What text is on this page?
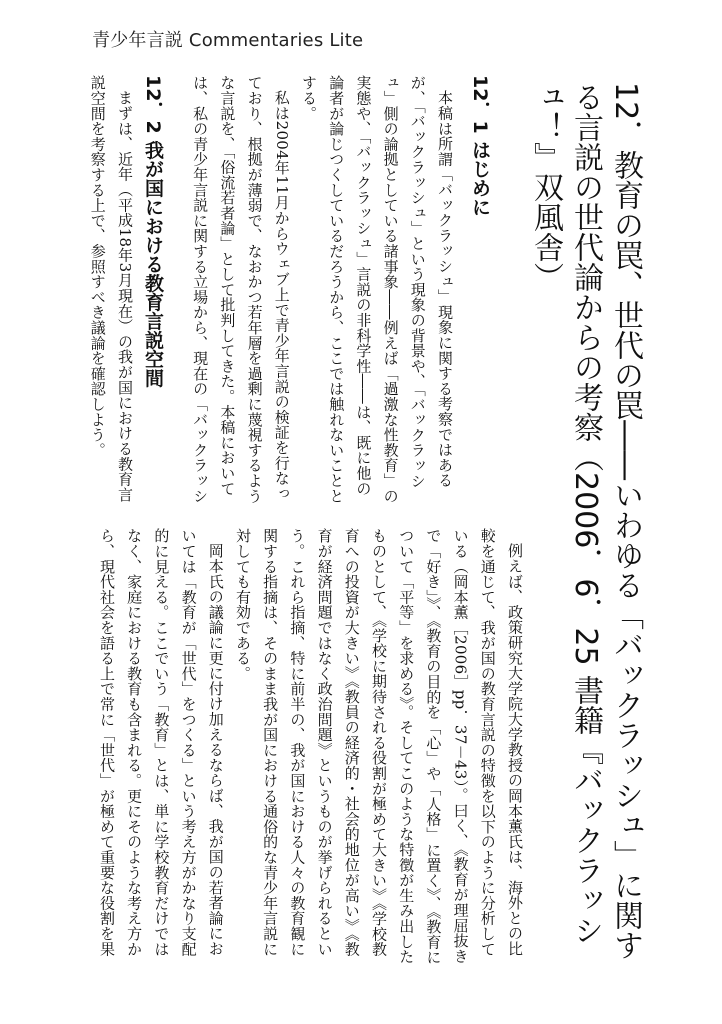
青少年言説 Commentaries Lite
12．教育の罠、世代の罠――いわゆる「バックラッシュ」に関する言説の世代論からの考察（2006．6．25 書籍『バックラッシュ！』双風舎）
12．1 はじめに

本稿は所謂「バックラッシュ」現象に関する考察ではあるが、「バックラッシュ」という現象の背景や、「バックラッシュ」側の論拠としている諸事象――例えば「過激な性教育」の実態や、「バックラッシュ」言説の非科学性――は、既に他の論者が論じつくしているだろうから、ここでは触れないこととする。

私は2004年11月からウェブ上で青少年言説の検証を行なっており、根拠が薄弱で、なおかつ若年層を過剰に蔑視するような言説を、「俗流若者論」として批判してきた。本稿においては、私の青少年言説に関する立場から、現在の「バックラッシ

12．2 我が国における教育言説空間

まずは、近年（平成18年3月現在）の我が国における教育言説空間を考察する上で、参照すべき議論を確認しよう。

例えば、政策研究大学院大学教授の岡本薫氏は、海外との比較を通じて、我が国の教育言説の特徴を以下のように分析している（岡本薫［2006］pp．37－43）。曰く、《教育が理屈抜きで「好き」》、《教育の目的を「心」や「人格」に置く》、《教育について「平等」を求める》。そしてこのような特徴が生み出したものとして、《学校に期待される役割が極めて大きい》《学校教育への投資が大きい》《教員の経済的・社会的地位が高い》《教育が経済問題ではなく政治問題》というものが挙げられるという。これら指摘、特に前半の、我が国における人々の教育観に関する指摘は、そのまま我が国における通俗的な青少年言説に対しても有効である。

岡本氏の議論に更に付け加えるならば、我が国の若者論においては「教育が「世代」をつくる」という考え方がかなり支配的に見える。ここでいう「教育」とは、単に学校教育だけではなく、家庭における教育も含まれる。更にそのような考え方から、現代社会を語る上で常に「世代」が極めて重要な役割を果
